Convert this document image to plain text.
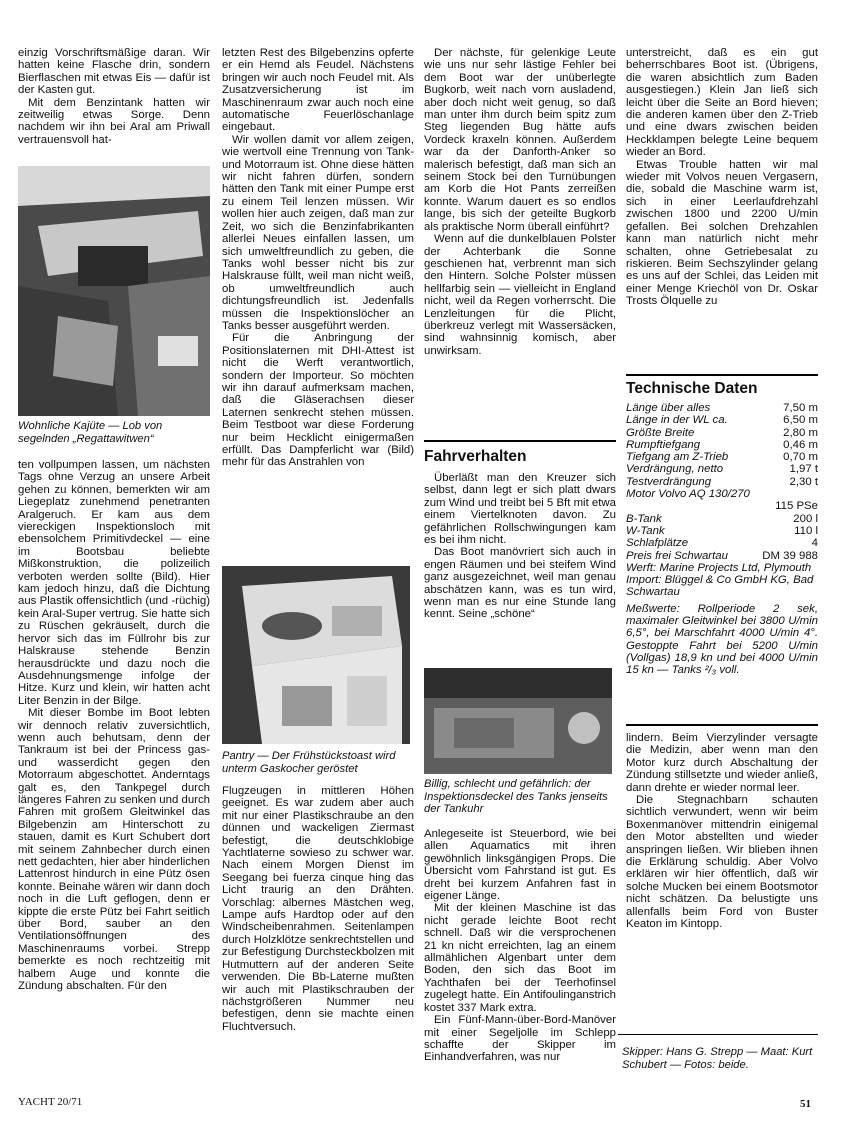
einzig Vorschriftsmäßige daran. Wir hatten keine Flasche drin, sondern Bierflaschen mit etwas Eis — dafür ist der Kasten gut.

Mit dem Benzintank hatten wir zeitweilig etwas Sorge. Denn nachdem wir ihn bei Aral am Priwall vertrauensvoll hat-

Wohnliche Kajüte — Lob von segelnden „Regattawitwen“

ten vollpumpen lassen, um nächsten Tags ohne Verzug an unsere Arbeit gehen zu können, bemerkten wir am Liegeplatz zunehmend penetranten Aralgeruch. Er kam aus dem viereckigen Inspektionsloch mit ebensolchem Primitivdeckel — eine im Bootsbau beliebte Mißkonstruktion, die polizeilich verboten werden sollte (Bild). Hier kam jedoch hinzu, daß die Dichtung aus Plastik offensichtlich (und -rüchig) kein Aral-Super vertrug. Sie hatte sich zu Rüschen gekräuselt, durch die hervor sich das im Füllrohr bis zur Halskrause stehende Benzin herausdrückte und dazu noch die Ausdehnungsmenge infolge der Hitze. Kurz und klein, wir hatten acht Liter Benzin in der Bilge.

Mit dieser Bombe im Boot lebten wir dennoch relativ zuversichtlich, wenn auch behutsam, denn der Tankraum ist bei der Princess gas- und wasserdicht gegen den Motorraum abgeschottet. Anderntags galt es, den Tankpegel durch längeres Fahren zu senken und durch Fahren mit großem Gleitwinkel das Bilgebenzin am Hinterschott zu stauen, damit es Kurt Schubert dort mit seinem Zahnbecher durch einen nett gedachten, hier aber hinderlichen Lattenrost hindurch in eine Pütz ösen konnte. Beinahe wären wir dann doch noch in die Luft geflogen, denn er kippte die erste Pütz bei Fahrt seitlich über Bord, sauber an den Ventilationsöffnungen des Maschinenraums vorbei. Strepp bemerkte es noch rechtzeitig mit halbem Auge und konnte die Zündung abschalten. Für den

letzten Rest des Bilgebenzins opferte er ein Hemd als Feudel. Nächstens bringen wir auch noch Feudel mit. Als Zusatzversicherung ist im Maschinenraum zwar auch noch eine automatische Feuerlöschanlage eingebaut.

Wir wollen damit vor allem zeigen, wie wertvoll eine Trennung von Tank- und Motorraum ist. Ohne diese hätten wir nicht fahren dürfen, sondern hätten den Tank mit einer Pumpe erst zu einem Teil lenzen müssen. Wir wollen hier auch zeigen, daß man zur Zeit, wo sich die Benzinfabrikanten allerlei Neues einfallen lassen, um sich umweltfreundlich zu geben, die Tanks wohl besser nicht bis zur Halskrause füllt, weil man nicht weiß, ob umweltfreundlich auch dichtungsfreundlich ist. Jedenfalls müssen die Inspektionslöcher an Tanks besser ausgeführt werden.

Für die Anbringung der Positionslaternen mit DHI-Attest ist nicht die Werft verantwortlich, sondern der Importeur. So möchten wir ihn darauf aufmerksam machen, daß die Gläserachsen dieser Laternen senkrecht stehen müssen. Beim Testboot war diese Forderung nur beim Hecklicht einigermaßen erfüllt. Das Dampferlicht war (Bild) mehr für das Anstrahlen von

Pantry — Der Frühstückstoast wird unterm Gaskocher geröstet

Flugzeugen in mittleren Höhen geeignet. Es war zudem aber auch mit nur einer Plastikschraube an den dünnen und wackeligen Ziermast befestigt, die deutschklobige Yachtlaterne sowieso zu schwer war. Nach einem Morgen Dienst im Seegang bei fuerza cinque hing das Licht traurig an den Drähten. Vorschlag: albernes Mästchen weg, Lampe aufs Hardtop oder auf den Windscheibenrahmen. Seitenlampen durch Holzklötze senkrechtstellen und zur Befestigung Durchsteckbolzen mit Hutmuttern auf der anderen Seite verwenden. Die Bb-Laterne mußten wir auch mit Plastikschrauben der nächstgrößeren Nummer neu befestigen, denn sie machte einen Fluchtversuch.

Der nächste, für gelenkige Leute wie uns nur sehr lästige Fehler bei dem Boot war der unüberlegte Bugkorb, weit nach vorn ausladend, aber doch nicht weit genug, so daß man unter ihm durch beim spitz zum Steg liegenden Bug hätte aufs Vordeck kraxeln können. Außerdem war da der Danforth-Anker so malerisch befestigt, daß man sich an seinem Stock bei den Turnübungen am Korb die Hot Pants zerreißen konnte. Warum dauert es so endlos lange, bis sich der geteilte Bugkorb als praktische Norm überall einführt?

Wenn auf die dunkelblauen Polster der Achterbank die Sonne geschienen hat, verbrennt man sich den Hintern. Solche Polster müssen hellfarbig sein — vielleicht in England nicht, weil da Regen vorherrscht. Die Lenzleitungen für die Plicht, überkreuz verlegt mit Wassersäcken, sind wahnsinnig komisch, aber unwirksam.

Fahrverhalten

Überläßt man den Kreuzer sich selbst, dann legt er sich platt dwars zum Wind und treibt bei 5 Bft mit etwa einem Viertelknoten davon. Zu gefährlichen Rollschwingungen kam es bei ihm nicht.

Das Boot manövriert sich auch in engen Räumen und bei steifem Wind ganz ausgezeichnet, weil man genau abschätzen kann, was es tun wird, wenn man es nur eine Stunde lang kennt. Seine „schöne“

Billig, schlecht und gefährlich: der Inspektionsdeckel des Tanks jenseits der Tankuhr

Anlegeseite ist Steuerbord, wie bei allen Aquamatics mit ihren gewöhnlich linksgängigen Props. Die Übersicht vom Fahrstand ist gut. Es dreht bei kurzem Anfahren fast in eigener Länge.

Mit der kleinen Maschine ist das nicht gerade leichte Boot recht schnell. Daß wir die versprochenen 21 kn nicht erreichten, lag an einem allmählichen Algenbart unter dem Boden, den sich das Boot im Yachthafen bei der Teerhofinsel zugelegt hatte. Ein Antifoulinganstrich kostet 337 Mark extra.

Ein Fünf-Mann-über-Bord-Manöver mit einer Segeljolle im Schlepp schaffte der Skipper im Einhandverfahren, was nur

unterstreicht, daß es ein gut beherrschbares Boot ist. (Übrigens, die waren absichtlich zum Baden ausgestiegen.) Klein Jan ließ sich leicht über die Seite an Bord hieven; die anderen kamen über den Z-Trieb und eine dwars zwischen beiden Heckklampen belegte Leine bequem wieder an Bord.

Etwas Trouble hatten wir mal wieder mit Volvos neuen Vergasern, die, sobald die Maschine warm ist, sich in einer Leerlaufdrehzahl zwischen 1800 und 2200 U/min gefallen. Bei solchen Drehzahlen kann man natürlich nicht mehr schalten, ohne Getriebesalat zu riskieren. Beim Sechszylinder gelang es uns auf der Schlei, das Leiden mit einer Menge Kriechöl von Dr. Oskar Trosts Ölquelle zu

Technische Daten
Länge über alles	7,50 m
Länge in der WL ca.	6,50 m
Größte Breite	2,80 m
Rumpftiefgang	0,46 m
Tiefgang am Z-Trieb	0,70 m
Verdrängung, netto	1,97 t
Testverdrängung	2,30 t
Motor Volvo AQ 130/270
115 PSe
B-Tank	200 l
W-Tank	110 l
Schlafplätze	4
Preis frei Schwartau	DM 39 988
Werft: Marine Projects Ltd, Plymouth
Import: Blüggel & Co GmbH KG, Bad Schwartau
Meßwerte: Rollperiode 2 sek, maximaler Gleitwinkel bei 3800 U/min 6,5°, bei Marschfahrt 4000 U/min 4°. Gestoppte Fahrt bei 5200 U/min (Vollgas) 18,9 kn und bei 4000 U/min 15 kn — Tanks ²/₃ voll.

lindern. Beim Vierzylinder versagte die Medizin, aber wenn man den Motor kurz durch Abschaltung der Zündung stillsetzte und wieder anließ, dann drehte er wieder normal leer.

Die Stegnachbarn schauten sichtlich verwundert, wenn wir beim Boxenmanöver mittendrin einigemal den Motor abstellten und wieder anspringen ließen. Wir blieben ihnen die Erklärung schuldig. Aber Volvo erklären wir hier öffentlich, daß wir solche Mucken bei einem Bootsmotor nicht schätzen. Da belustigte uns allenfalls beim Ford von Buster Keaton im Kintopp.

Skipper: Hans G. Strepp — Maat: Kurt Schubert — Fotos: beide.
YACHT 20/71	51
